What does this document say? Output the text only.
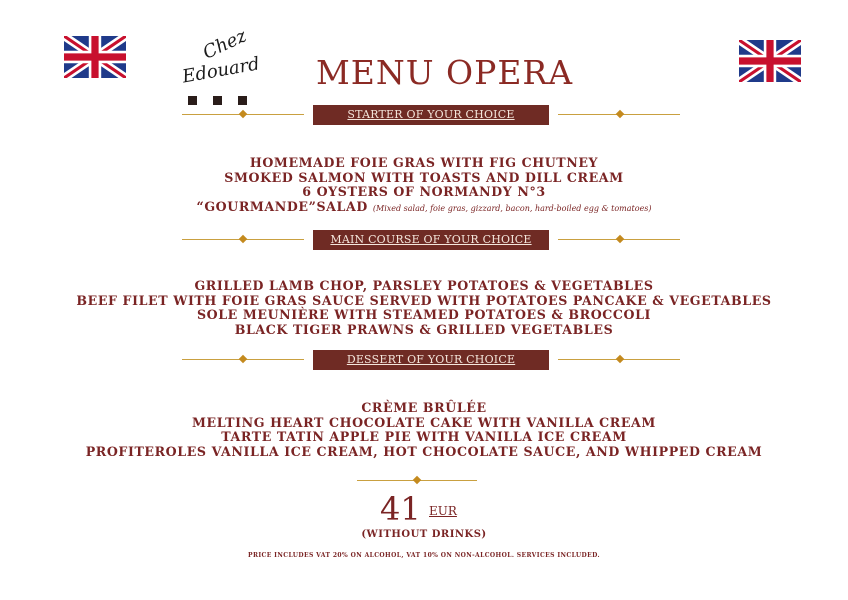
Chez
Edouard MENU OPERA
STARTER OF YOUR CHOICE
HOMEMADE FOIE GRAS WITH FIG CHUTNEY
SMOKED SALMON WITH TOASTS AND DILL CREAM
6 OYSTERS OF NORMANDY N°3
“GOURMANDE”SALAD (Mixed salad, foie gras, gizzard, bacon, hard-boiled egg & tomatoes)
MAIN COURSE OF YOUR CHOICE
GRILLED LAMB CHOP, PARSLEY POTATOES & VEGETABLES
BEEF FILET WITH FOIE GRAS SAUCE SERVED WITH POTATOES PANCAKE & VEGETABLES
SOLE MEUNIÈRE WITH STEAMED POTATOES & BROCCOLI
BLACK TIGER PRAWNS & GRILLED VEGETABLES
DESSERT OF YOUR CHOICE
CRÈME BRÛLÉE
MELTING HEART CHOCOLATE CAKE WITH VANILLA CREAM
TARTE TATIN APPLE PIE WITH VANILLA ICE CREAM
PROFITEROLES VANILLA ICE CREAM, HOT CHOCOLATE SAUCE, AND WHIPPED CREAM
41 EUR
(WITHOUT DRINKS)
PRICE INCLUDES VAT 20% ON ALCOHOL, VAT 10% ON NON-ALCOHOL. SERVICES INCLUDED.
